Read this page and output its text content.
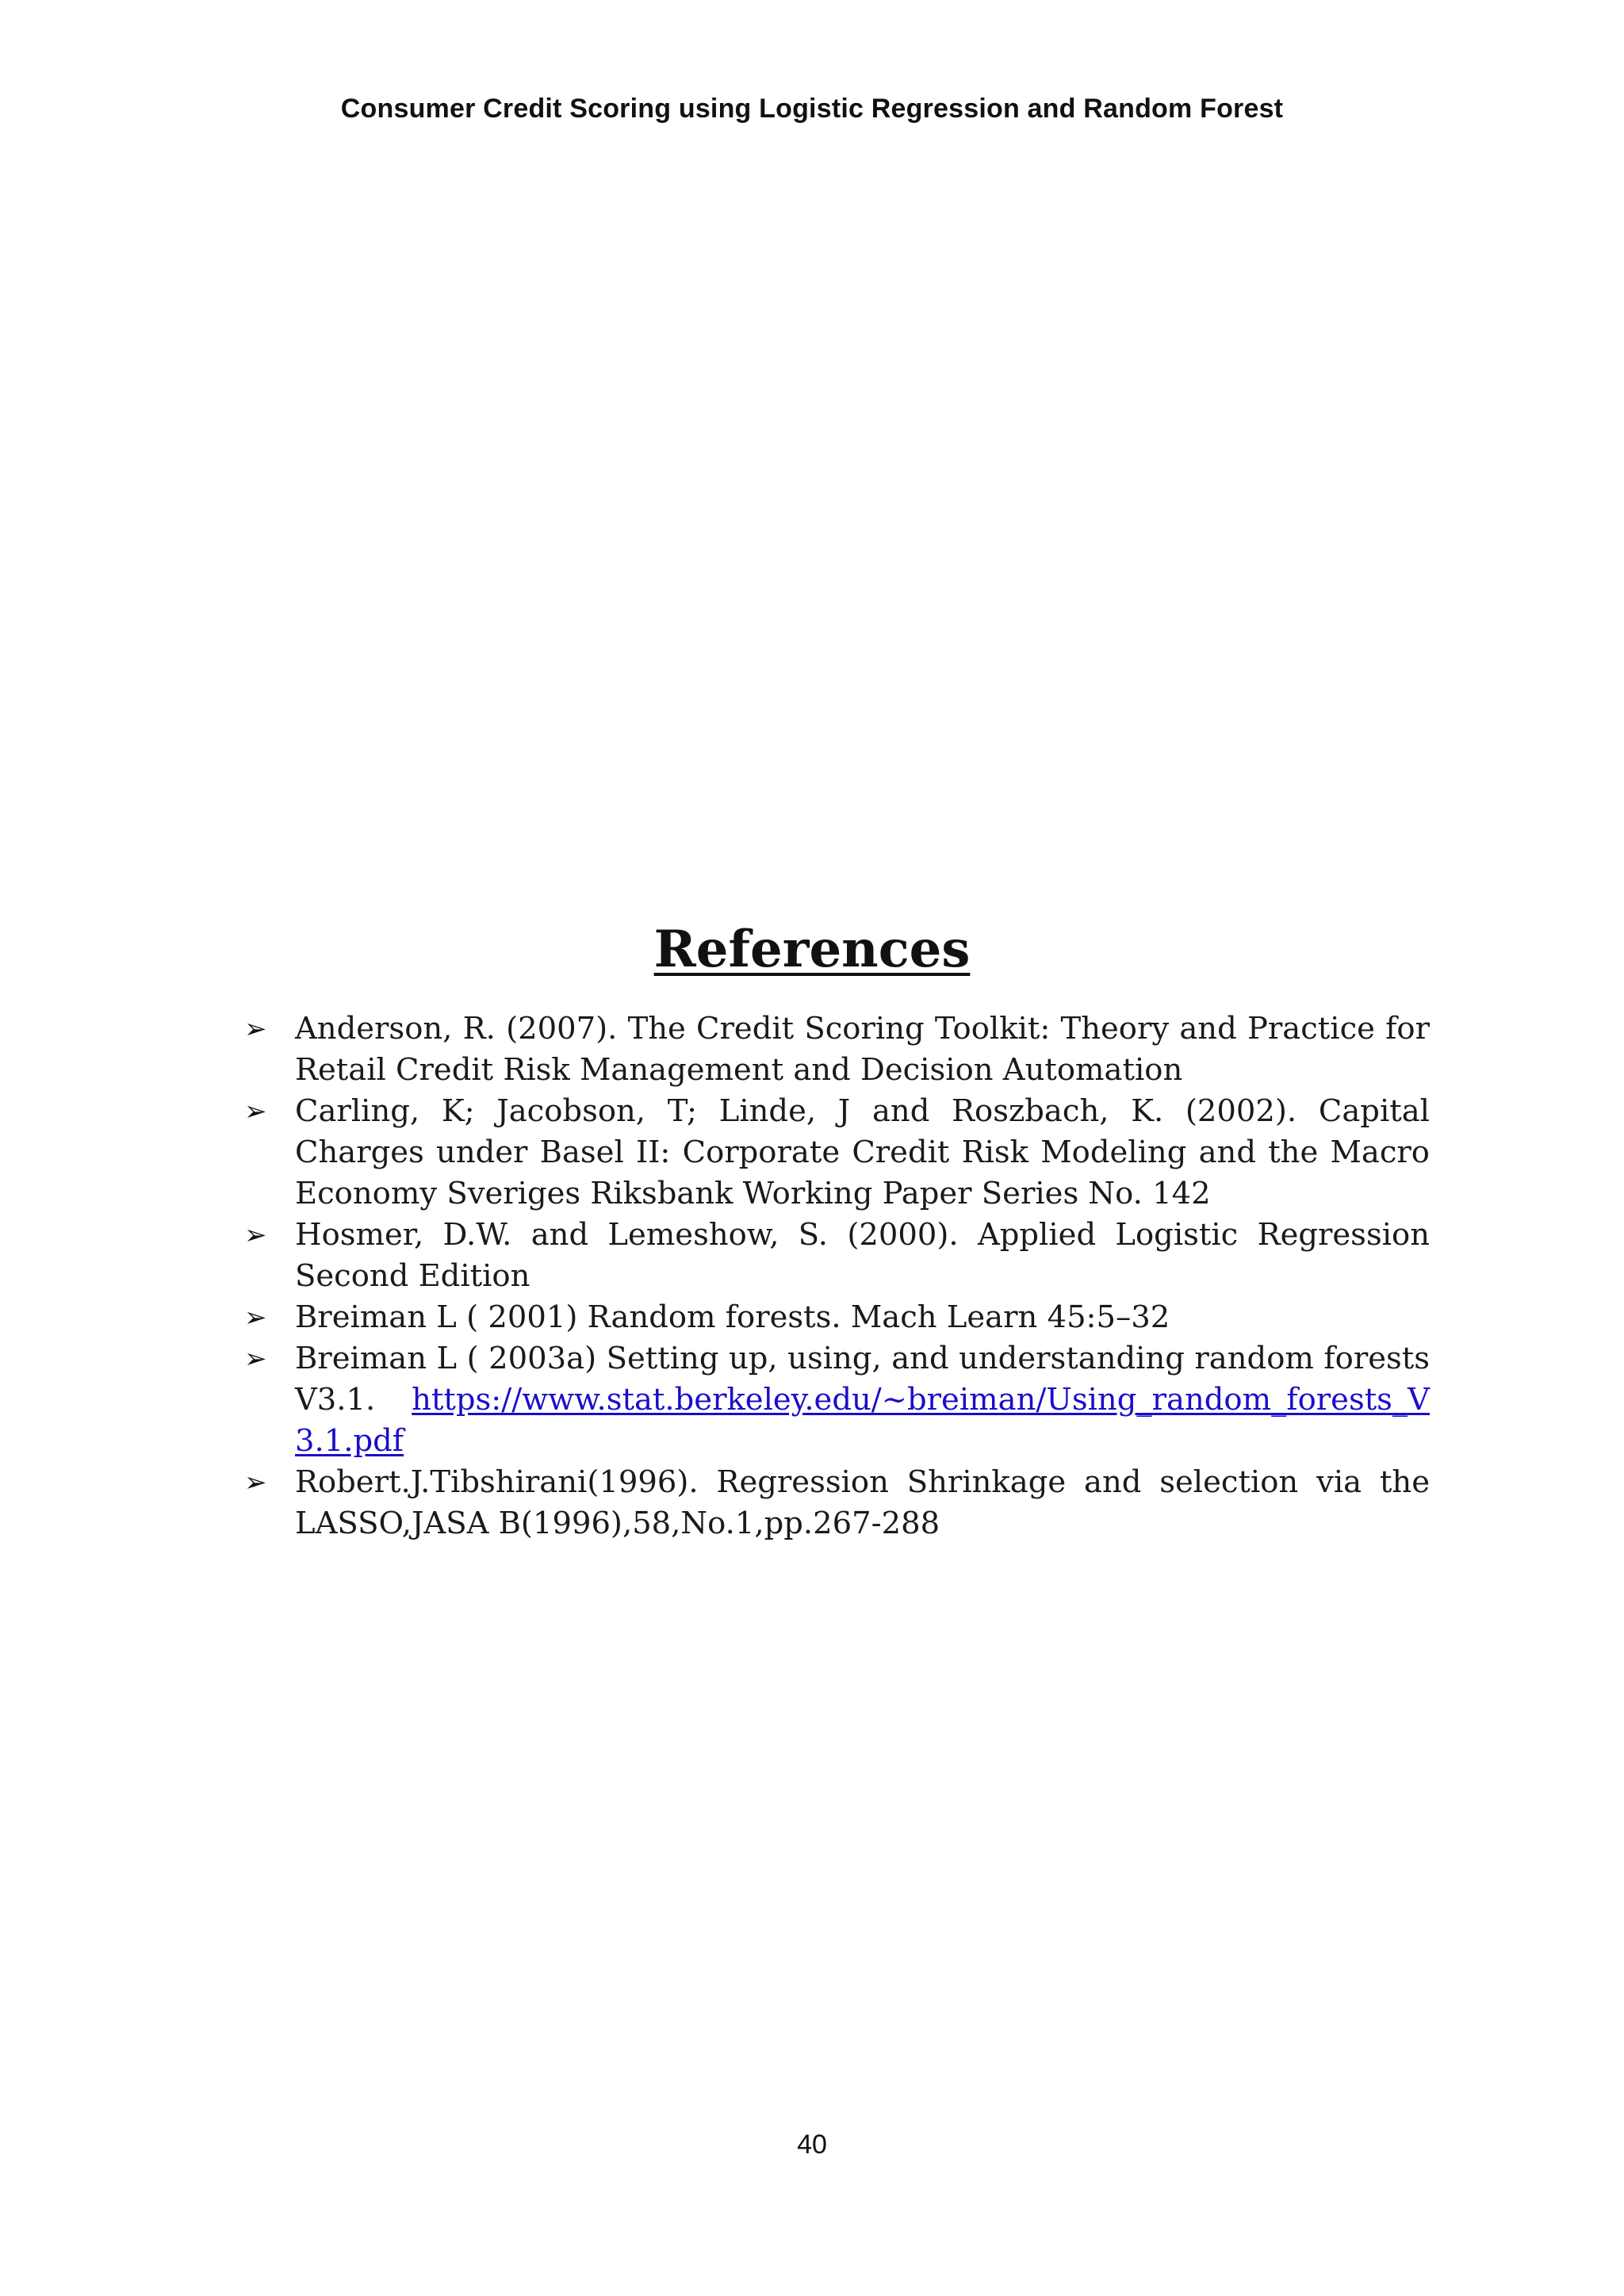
Consumer Credit Scoring using Logistic Regression and Random Forest
References
➢ Anderson, R. (2007). The Credit Scoring Toolkit: Theory and Practice for Retail Credit Risk Management and Decision Automation
➢ Carling, K; Jacobson, T; Linde, J and Roszbach, K. (2002). Capital Charges under Basel II: Corporate Credit Risk Modeling and the Macro Economy Sveriges Riksbank Working Paper Series No. 142
➢ Hosmer, D.W. and Lemeshow, S. (2000). Applied Logistic Regression Second Edition
➢ Breiman L ( 2001) Random forests. Mach Learn 45:5–32
➢ Breiman L ( 2003a) Setting up, using, and understanding random forests V3.1. https://www.stat.berkeley.edu/~breiman/Using_random_forests_V3.1.pdf
➢ Robert.J.Tibshirani(1996). Regression Shrinkage and selection via the LASSO,JASA B(1996),58,No.1,pp.267-288
40
